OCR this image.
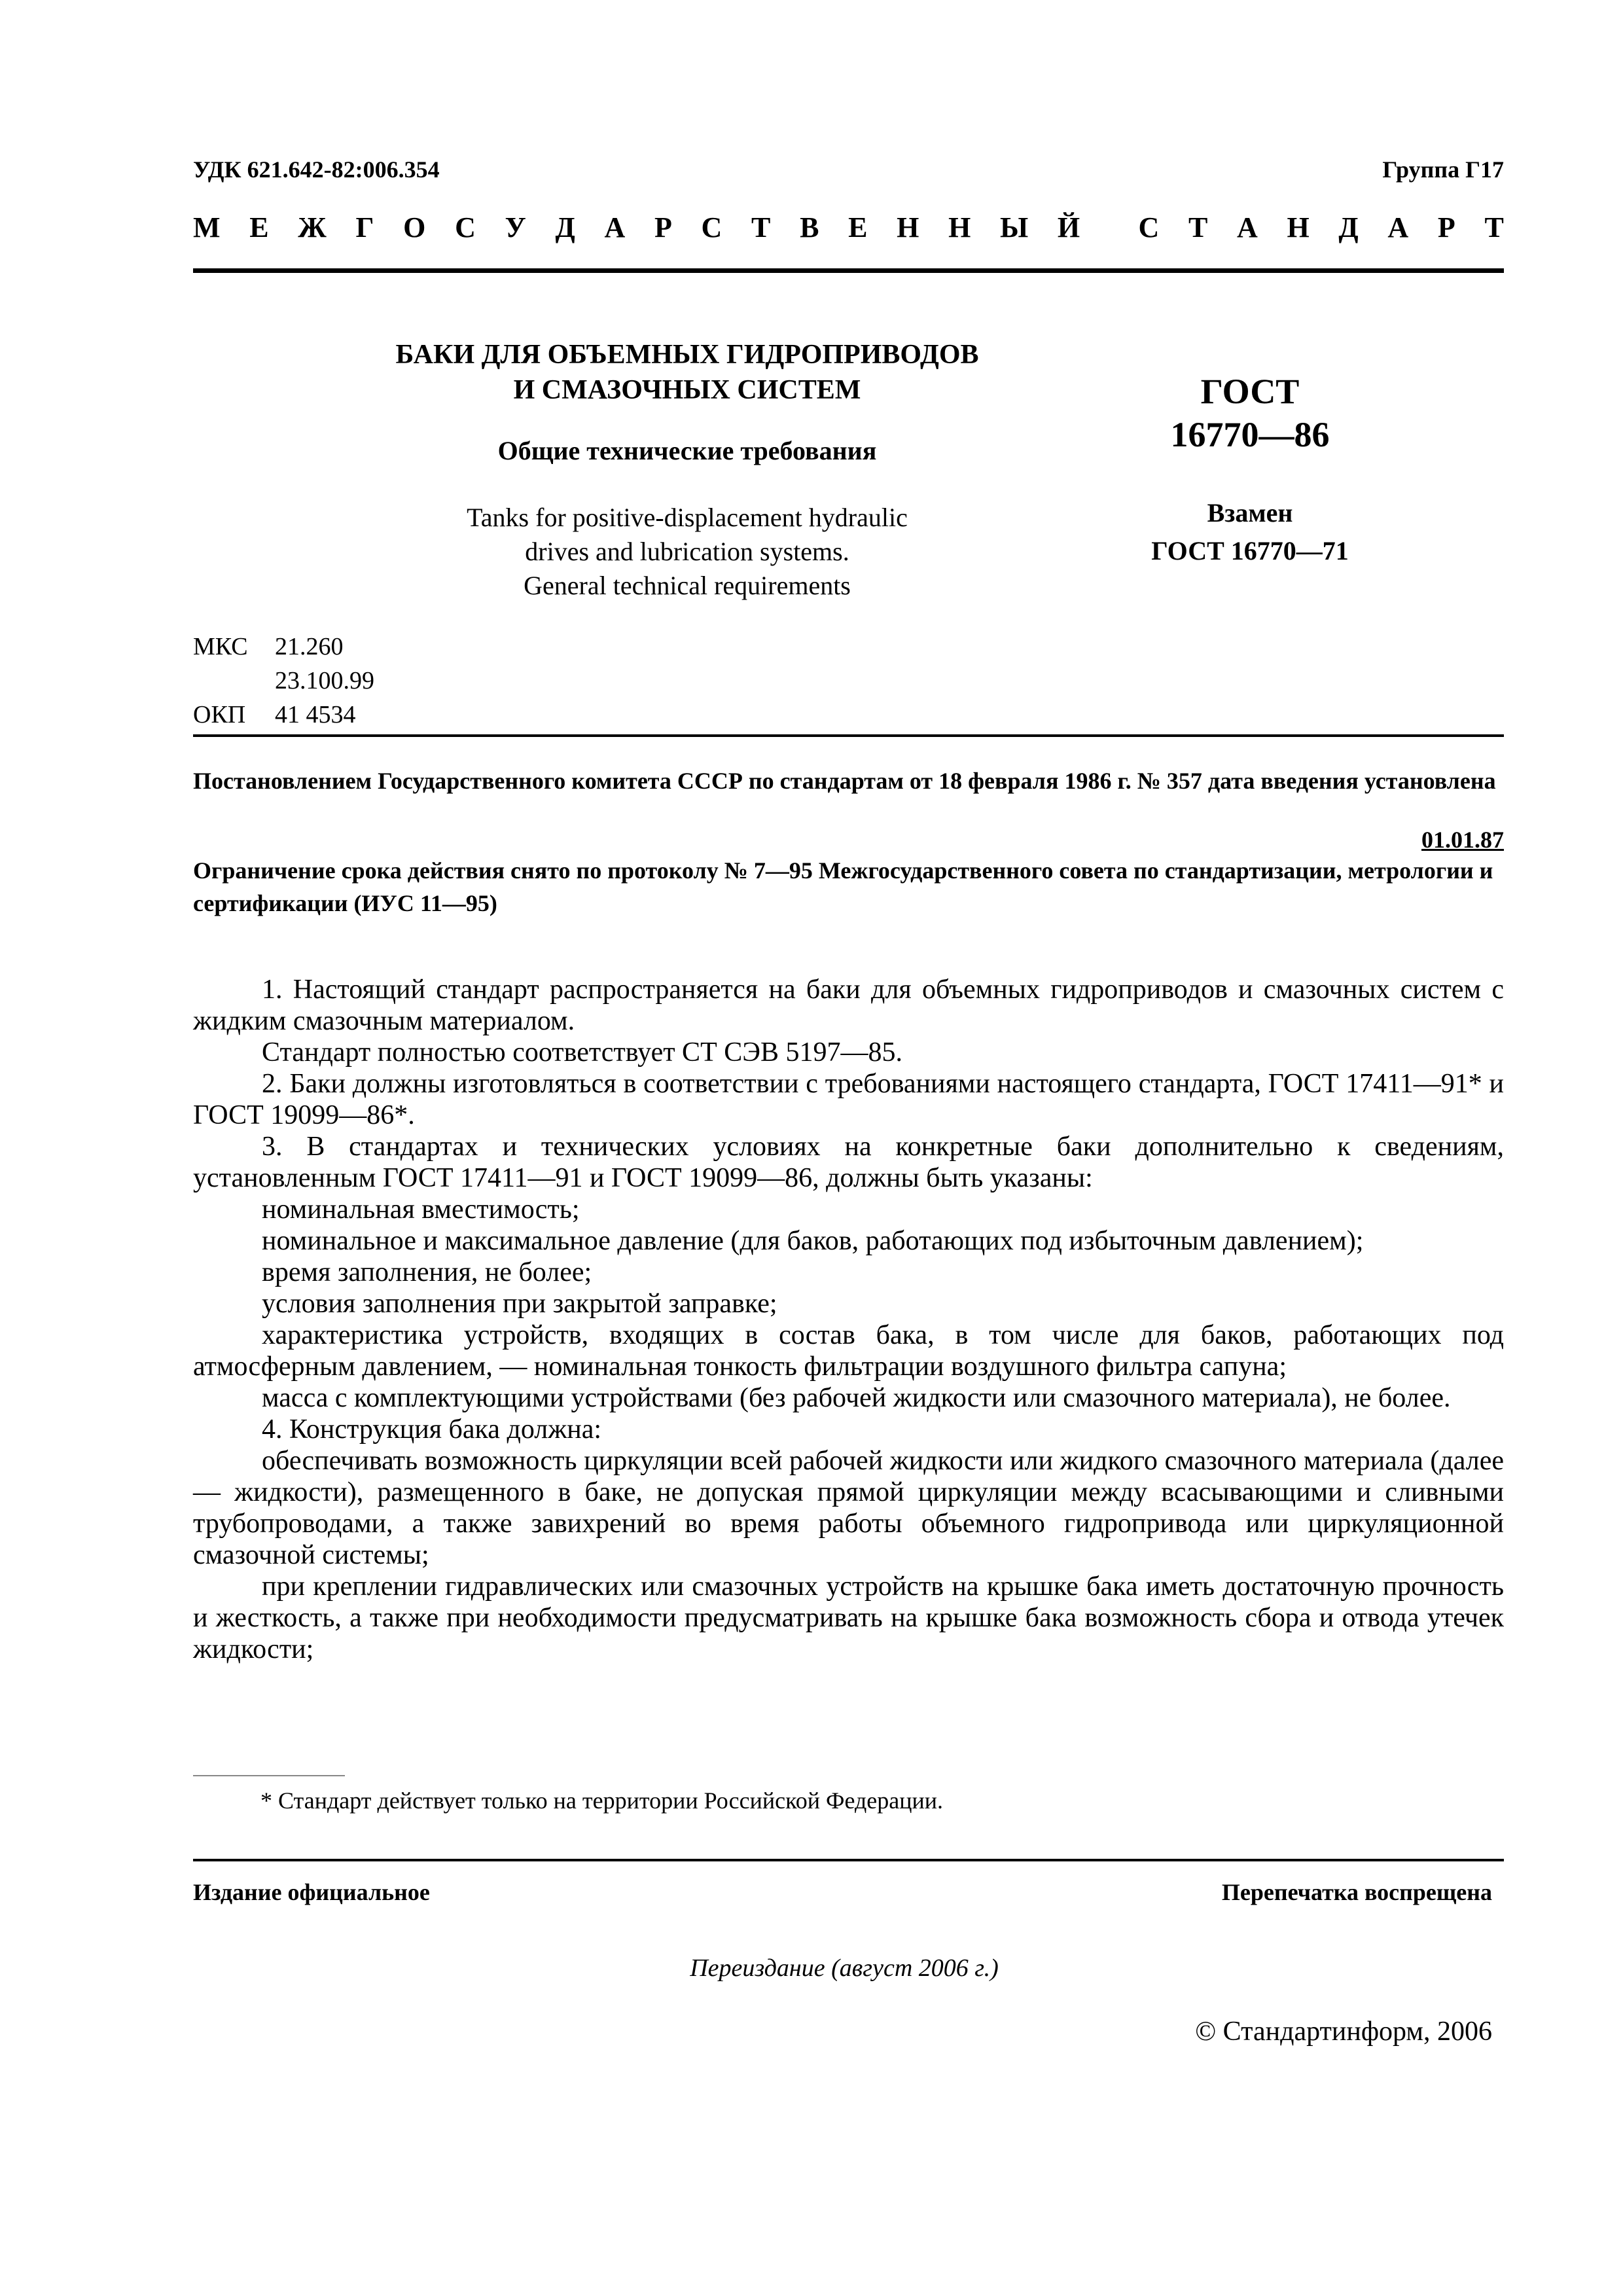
УДК 621.642-82:006.354	Группа Г17
М Е Ж Г О С У Д А Р С Т В Е Н Н Ы Й С Т А Н Д А Р Т
БАКИ ДЛЯ ОБЪЕМНЫХ ГИДРОПРИВОДОВ
И СМАЗОЧНЫХ СИСТЕМ
Общие технические требования
Tanks for positive-displacement hydraulic
drives and lubrication systems.
General technical requirements
ГОСТ
16770—86
Взамен
ГОСТ 16770—71
МКС	21.260
23.100.99
ОКП	41 4534
Постановлением Государственного комитета СССР по стандартам от 18 февраля 1986 г. № 357 дата введения установлена
01.01.87
Ограничение срока действия снято по протоколу № 7—95 Межгосударственного совета по стандартизации, метрологии и сертификации (ИУС 11—95)

1. Настоящий стандарт распространяется на баки для объемных гидроприводов и смазочных систем с жидким смазочным материалом.

Стандарт полностью соответствует СТ СЭВ 5197—85.

2. Баки должны изготовляться в соответствии с требованиями настоящего стандарта, ГОСТ 17411—91* и ГОСТ 19099—86*.

3. В стандартах и технических условиях на конкретные баки дополнительно к сведениям, установленным ГОСТ 17411—91 и ГОСТ 19099—86, должны быть указаны:

номинальная вместимость;

номинальное и максимальное давление (для баков, работающих под избыточным давлением);

время заполнения, не более;

условия заполнения при закрытой заправке;

характеристика устройств, входящих в состав бака, в том числе для баков, работающих под атмосферным давлением, — номинальная тонкость фильтрации воздушного фильтра сапуна;

масса с комплектующими устройствами (без рабочей жидкости или смазочного материала), не более.

4. Конструкция бака должна:

обеспечивать возможность циркуляции всей рабочей жидкости или жидкого смазочного материала (далее — жидкости), размещенного в баке, не допуская прямой циркуляции между всасывающими и сливными трубопроводами, а также завихрений во время работы объемного гидропривода или циркуляционной смазочной системы;

при креплении гидравлических или смазочных устройств на крышке бака иметь достаточную прочность и жесткость, а также при необходимости предусматривать на крышке бака возможность сбора и отвода утечек жидкости;

* Стандарт действует только на территории Российской Федерации.
Издание официальное	Перепечатка воспрещена
Переиздание (август 2006 г.)
© Стандартинформ, 2006
